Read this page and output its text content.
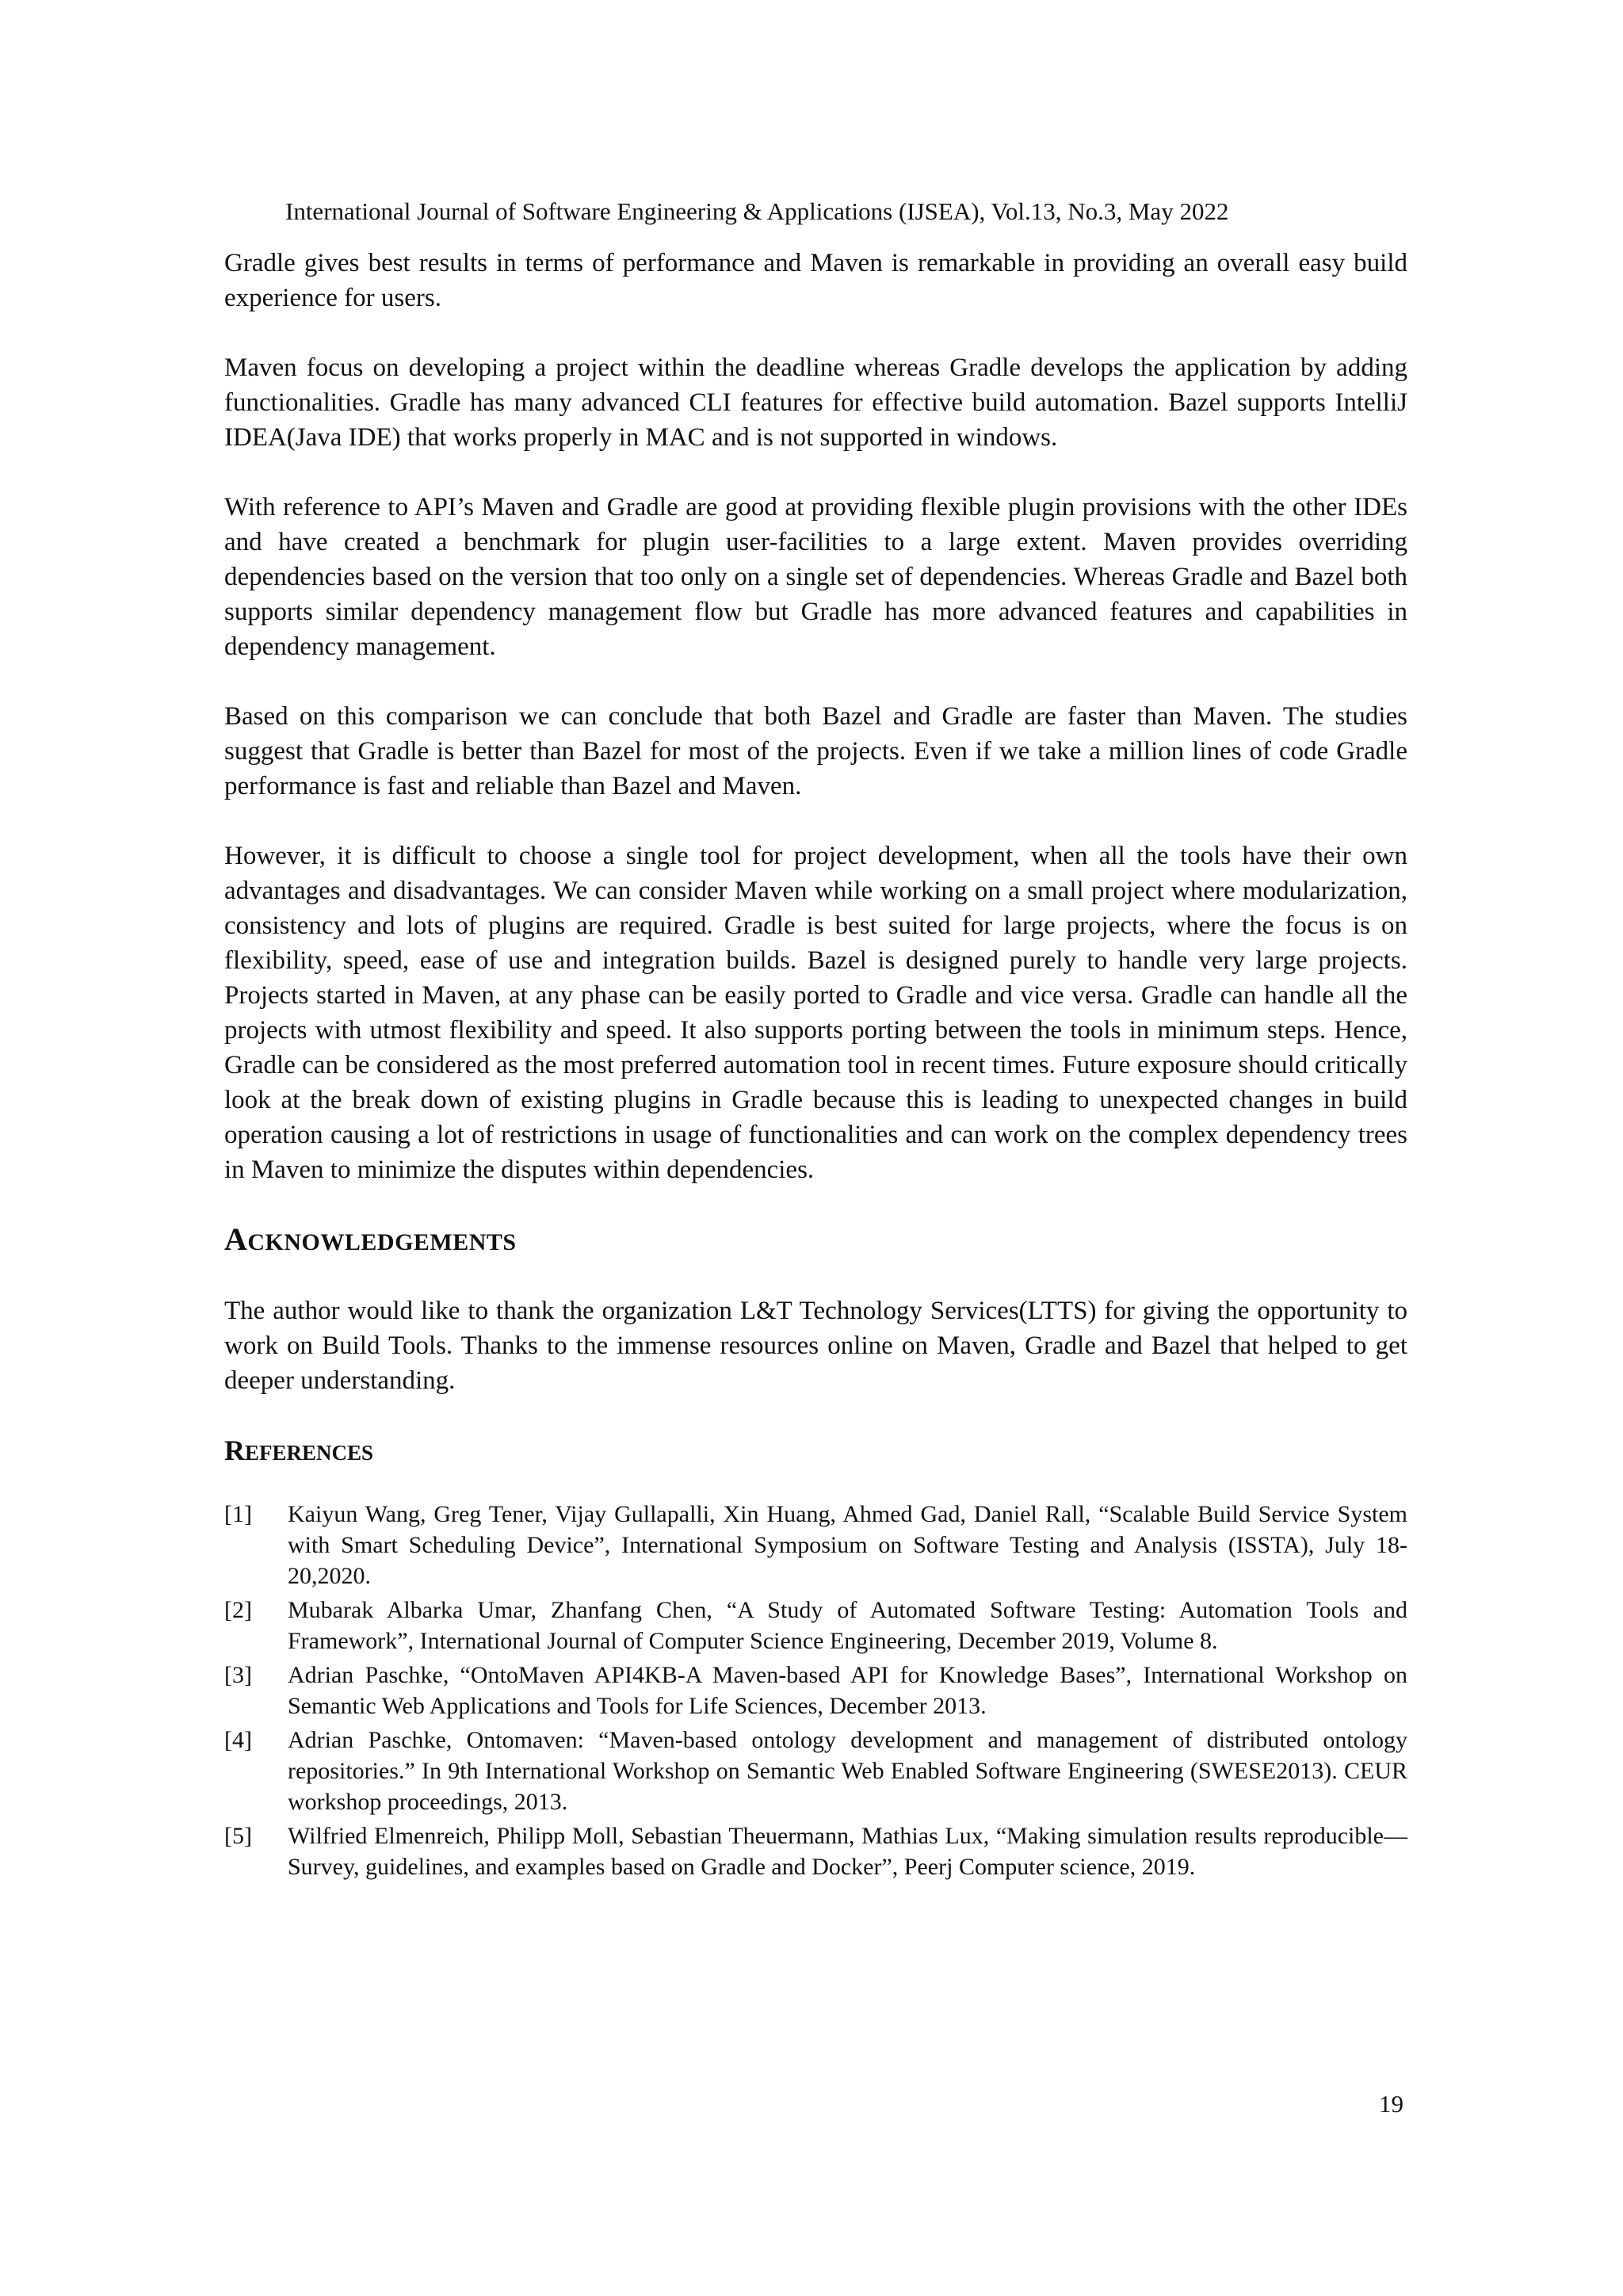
International Journal of Software Engineering & Applications (IJSEA), Vol.13, No.3, May 2022

Gradle gives best results in terms of performance and Maven is remarkable in providing an overall easy build experience for users.

Maven focus on developing a project within the deadline whereas Gradle develops the application by adding functionalities. Gradle has many advanced CLI features for effective build automation. Bazel supports IntelliJ IDEA(Java IDE) that works properly in MAC and is not supported in windows.

With reference to API’s Maven and Gradle are good at providing flexible plugin provisions with the other IDEs and have created a benchmark for plugin user-facilities to a large extent. Maven provides overriding dependencies based on the version that too only on a single set of dependencies. Whereas Gradle and Bazel both supports similar dependency management flow but Gradle has more advanced features and capabilities in dependency management.

Based on this comparison we can conclude that both Bazel and Gradle are faster than Maven. The studies suggest that Gradle is better than Bazel for most of the projects. Even if we take a million lines of code Gradle performance is fast and reliable than Bazel and Maven.

However, it is difficult to choose a single tool for project development, when all the tools have their own advantages and disadvantages. We can consider Maven while working on a small project where modularization, consistency and lots of plugins are required. Gradle is best suited for large projects, where the focus is on flexibility, speed, ease of use and integration builds. Bazel is designed purely to handle very large projects. Projects started in Maven, at any phase can be easily ported to Gradle and vice versa. Gradle can handle all the projects with utmost flexibility and speed. It also supports porting between the tools in minimum steps. Hence, Gradle can be considered as the most preferred automation tool in recent times. Future exposure should critically look at the break down of existing plugins in Gradle because this is leading to unexpected changes in build operation causing a lot of restrictions in usage of functionalities and can work on the complex dependency trees in Maven to minimize the disputes within dependencies.

ACKNOWLEDGEMENTS

The author would like to thank the organization L&T Technology Services(LTTS) for giving the opportunity to work on Build Tools. Thanks to the immense resources online on Maven, Gradle and Bazel that helped to get deeper understanding.

REFERENCES
[1]	Kaiyun Wang, Greg Tener, Vijay Gullapalli, Xin Huang, Ahmed Gad, Daniel Rall, “Scalable Build Service System with Smart Scheduling Device”, International Symposium on Software Testing and Analysis (ISSTA), July 18-20,2020.
[2]	Mubarak Albarka Umar, Zhanfang Chen, “A Study of Automated Software Testing: Automation Tools and Framework”, International Journal of Computer Science Engineering, December 2019, Volume 8.
[3]	Adrian Paschke, “OntoMaven API4KB-A Maven-based API for Knowledge Bases”, International Workshop on Semantic Web Applications and Tools for Life Sciences, December 2013.
[4]	Adrian Paschke, Ontomaven: “Maven-based ontology development and management of distributed ontology repositories.” In 9th International Workshop on Semantic Web Enabled Software Engineering (SWESE2013). CEUR workshop proceedings, 2013.
[5]	Wilfried Elmenreich, Philipp Moll, Sebastian Theuermann, Mathias Lux, “Making simulation results reproducible— Survey, guidelines, and examples based on Gradle and Docker”, Peerj Computer science, 2019.
19
